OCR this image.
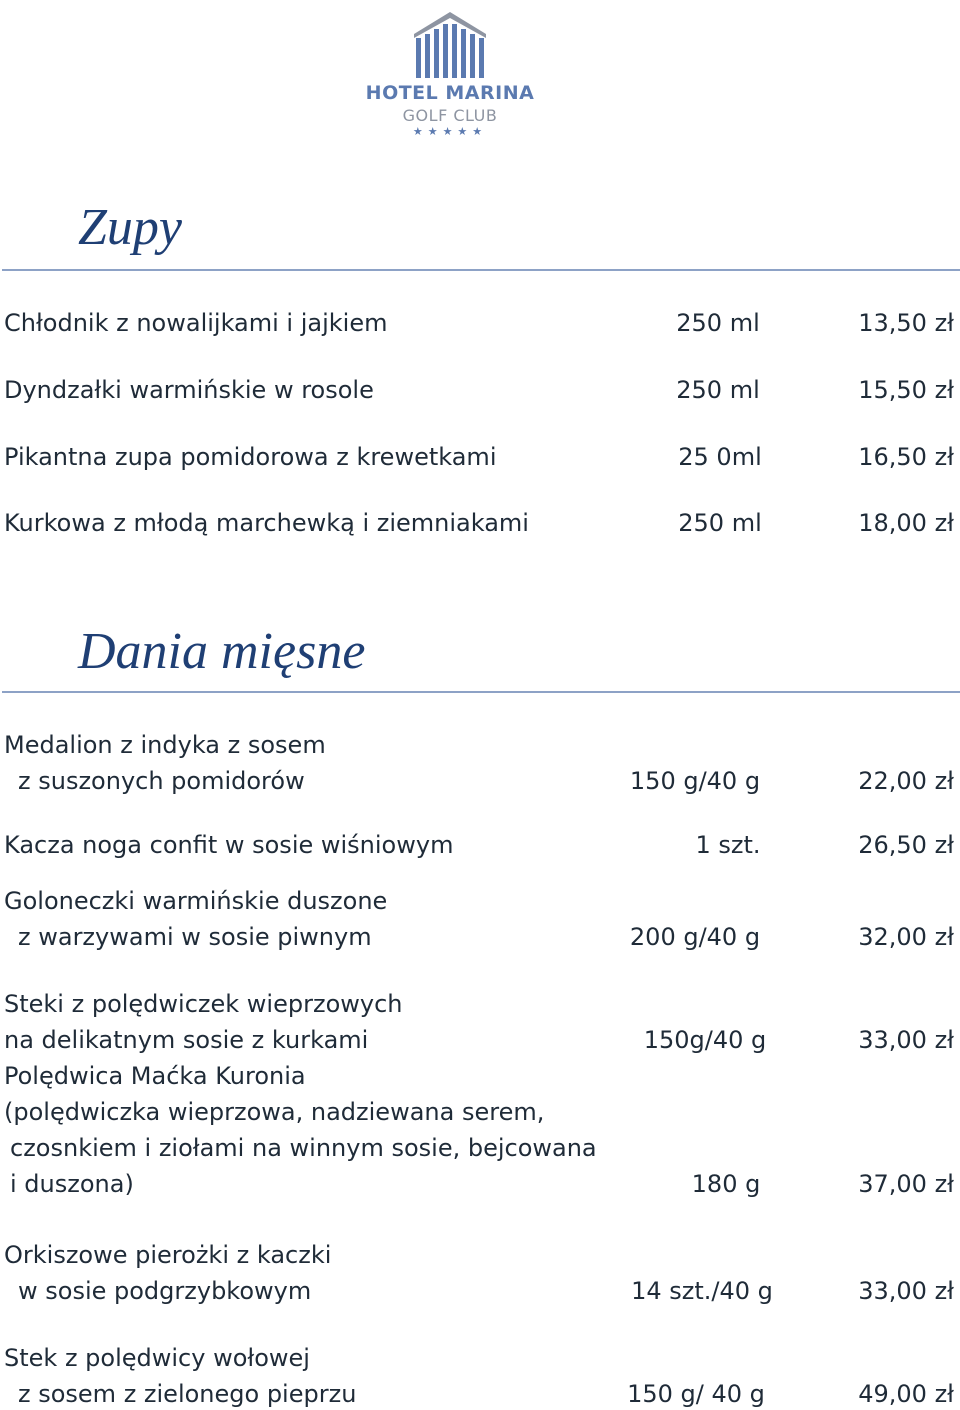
HOTEL MARINA
GOLF CLUB
★★★★★
Zupy
Chłodnik z nowalijkami i jajkiem	250 ml	13,50 zł
Dyndzałki warmińskie w rosole	250 ml	15,50 zł
Pikantna zupa pomidorowa z krewetkami	25 0ml	16,50 zł
Kurkowa z młodą marchewką i ziemniakami	250 ml	18,00 zł
Dania mięsne
Medalion z indyka z sosem
z suszonych pomidorów	150 g/40 g	22,00 zł
Kacza noga confit w sosie wiśniowym	1 szt.	26,50 zł
Goloneczki warmińskie duszone
z warzywami w sosie piwnym	200 g/40 g	32,00 zł
Steki z polędwiczek wieprzowych
na delikatnym sosie z kurkami	150g/40 g	33,00 zł
Polędwica Maćka Kuronia
(polędwiczka wieprzowa, nadziewana serem,
czosnkiem i ziołami na winnym sosie, bejcowana
i duszona)	180 g	37,00 zł
Orkiszowe pierożki z kaczki
w sosie podgrzybkowym	14 szt./40 g	33,00 zł
Stek z polędwicy wołowej
z sosem z zielonego pieprzu	150 g/ 40 g	49,00 zł
